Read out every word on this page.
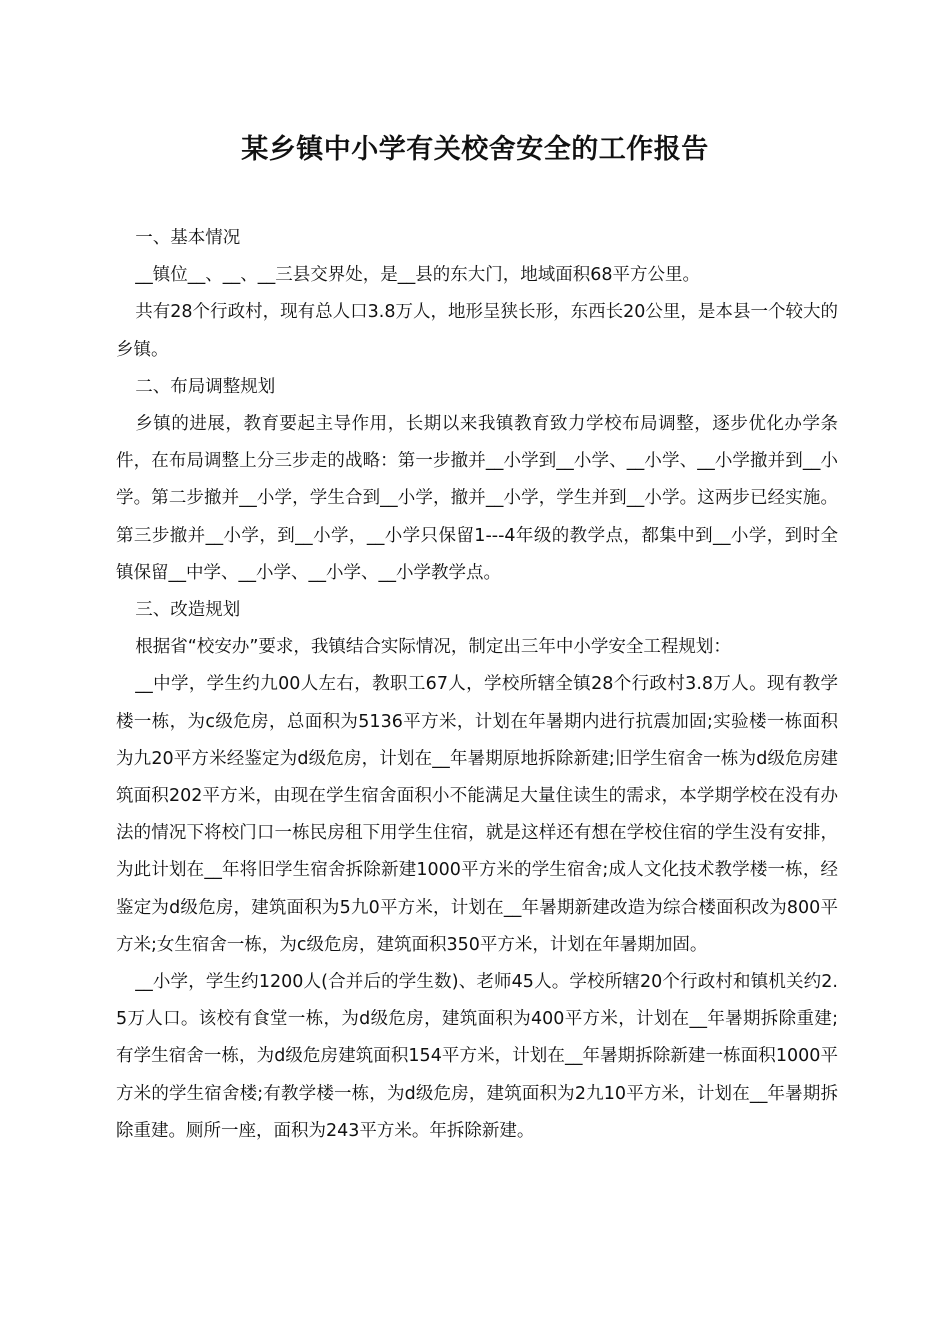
某乡镇中小学有关校舍安全的工作报告

一、基本情况

__镇位__、__、__三县交界处，是__县的东大门，地域面积68平方公里。

共有28个行政村，现有总人口3.8万人，地形呈狭长形，东西长20公里，是本县一个较大的乡镇。

二、布局调整规划

乡镇的进展，教育要起主导作用，长期以来我镇教育致力学校布局调整，逐步优化办学条件，在布局调整上分三步走的战略：第一步撤并__小学到__小学、__小学、__小学撤并到__小学。第二步撤并__小学，学生合到__小学，撤并__小学，学生并到__小学。这两步已经实施。第三步撤并__小学，到__小学，__小学只保留1---4年级的教学点，都集中到__小学，到时全镇保留__中学、__小学、__小学、__小学教学点。

三、改造规划

根据省“校安办”要求，我镇结合实际情况，制定出三年中小学安全工程规划：

__中学，学生约九00人左右，教职工67人，学校所辖全镇28个行政村3.8万人。现有教学楼一栋，为c级危房，总面积为5136平方米，计划在年暑期内进行抗震加固;实验楼一栋面积为九20平方米经鉴定为d级危房，计划在__年暑期原地拆除新建;旧学生宿舍一栋为d级危房建筑面积202平方米，由现在学生宿舍面积小不能满足大量住读生的需求，本学期学校在没有办法的情况下将校门口一栋民房租下用学生住宿，就是这样还有想在学校住宿的学生没有安排，为此计划在__年将旧学生宿舍拆除新建1000平方米的学生宿舍;成人文化技术教学楼一栋，经鉴定为d级危房，建筑面积为5九0平方米，计划在__年暑期新建改造为综合楼面积改为800平方米;女生宿舍一栋，为c级危房，建筑面积350平方米，计划在年暑期加固。

__小学，学生约1200人(合并后的学生数)、老师45人。学校所辖20个行政村和镇机关约2.5万人口。该校有食堂一栋，为d级危房，建筑面积为400平方米，计划在__年暑期拆除重建;有学生宿舍一栋，为d级危房建筑面积154平方米，计划在__年暑期拆除新建一栋面积1000平方米的学生宿舍楼;有教学楼一栋，为d级危房，建筑面积为2九10平方米，计划在__年暑期拆除重建。厕所一座，面积为243平方米。年拆除新建。
